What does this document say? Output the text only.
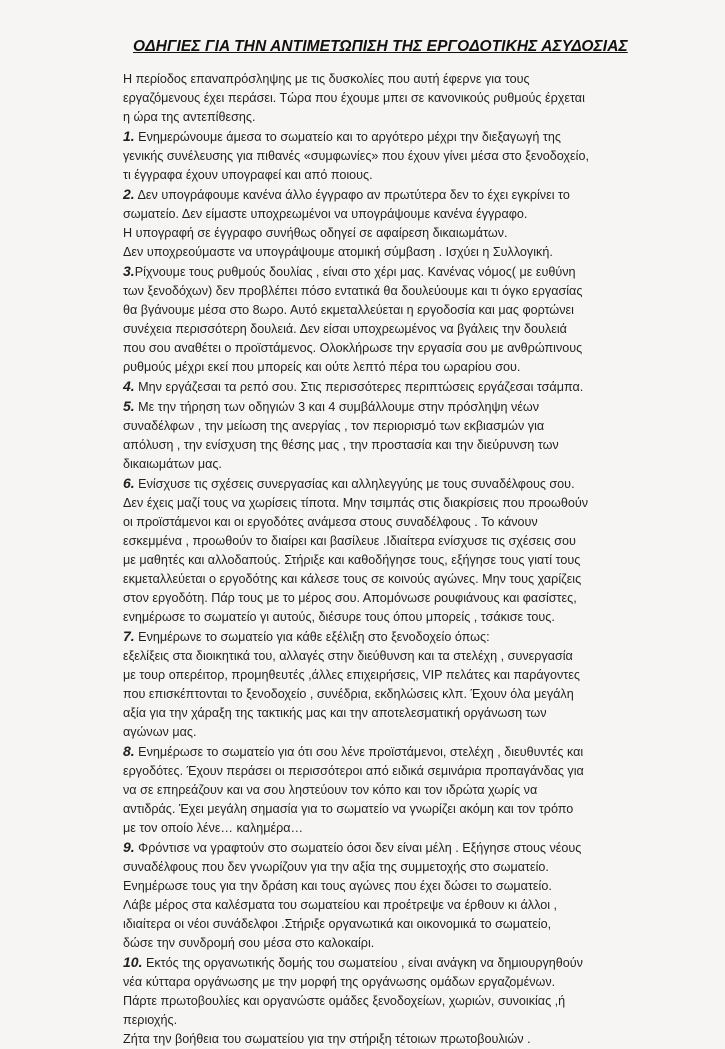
ΟΔΗΓΙΕΣ ΓΙΑ ΤΗΝ ΑΝΤΙΜΕΤΩΠΙΣΗ ΤΗΣ ΕΡΓΟΔΟΤΙΚΗΣ ΑΣΥΔΟΣΙΑΣ
Η περίοδος επαναπρόσληψης με τις δυσκολίες που αυτή έφερνε για τους
εργαζόμενους έχει περάσει. Τώρα που έχουμε μπει σε κανονικούς ρυθμούς έρχεται
η ώρα της αντεπίθεσης.
1. Ενημερώνουμε άμεσα το σωματείο και το αργότερο μέχρι την διεξαγωγή της
γενικής συνέλευσης για πιθανές «συμφωνίες» που έχουν γίνει μέσα στο ξενοδοχείο,
τι έγγραφα έχουν υπογραφεί και από ποιους.
2. Δεν υπογράφουμε κανένα άλλο έγγραφο αν πρωτύτερα δεν το έχει εγκρίνει το
σωματείο. Δεν είμαστε υποχρεωμένοι να υπογράψουμε κανένα έγγραφο.
Η υπογραφή σε έγγραφο συνήθως οδηγεί σε αφαίρεση δικαιωμάτων.
Δεν υποχρεούμαστε να υπογράψουμε ατομική σύμβαση . Ισχύει η Συλλογική.
3.Ρίχνουμε τους ρυθμούς δουλίας , είναι στο χέρι μας. Κανένας νόμος( με ευθύνη
των ξενοδόχων) δεν προβλέπει πόσο εντατικά θα δουλεύουμε και τι όγκο εργασίας
θα βγάνουμε μέσα στο 8ωρο. Αυτό εκμεταλλεύεται η εργοδοσία και μας φορτώνει
συνέχεια περισσότερη δουλειά. Δεν είσαι υποχρεωμένος να βγάλεις την δουλειά
που σου αναθέτει ο προϊστάμενος. Ολοκλήρωσε την εργασία σου με ανθρώπινους
ρυθμούς μέχρι εκεί που μπορείς και ούτε λεπτό πέρα του ωραρίου σου.
4. Μην εργάζεσαι τα ρεπό σου. Στις περισσότερες περιπτώσεις εργάζεσαι τσάμπα.
5. Με την τήρηση των οδηγιών 3 και 4 συμβάλλουμε στην πρόσληψη νέων
συναδέλφων , την μείωση της ανεργίας , τον περιορισμό των εκβιασμών για
απόλυση , την ενίσχυση της θέσης μας , την προστασία και την διεύρυνση των
δικαιωμάτων μας.
6. Ενίσχυσε τις σχέσεις συνεργασίας και αλληλεγγύης με τους συναδέλφους σου.
Δεν έχεις μαζί τους να χωρίσεις τίποτα. Μην τσιμπάς στις διακρίσεις που προωθούν
οι προϊστάμενοι και οι εργοδότες ανάμεσα στους συναδέλφους . Το κάνουν
εσκεμμένα , προωθούν το διαίρει και βασίλευε .Ιδιαίτερα ενίσχυσε τις σχέσεις σου
με μαθητές και αλλοδαπούς. Στήριξε και καθοδήγησε τους, εξήγησε τους γιατί τους
εκμεταλλεύεται ο εργοδότης και κάλεσε τους σε κοινούς αγώνες. Μην τους χαρίζεις
στον εργοδότη. Πάρ τους με το μέρος σου. Απομόνωσε ρουφιάνους και φασίστες,
ενημέρωσε το σωματείο γι αυτούς, διέσυρε τους όπου μπορείς , τσάκισε τους.
7. Ενημέρωνε το σωματείο για κάθε εξέλιξη στο ξενοδοχείο όπως:
εξελίξεις στα διοικητικά του, αλλαγές στην διεύθυνση και τα στελέχη , συνεργασία
με τουρ οπερέιτορ, προμηθευτές ,άλλες επιχειρήσεις, VIP πελάτες και παράγοντες
που επισκέπτονται το ξενοδοχείο , συνέδρια, εκδηλώσεις κλπ. Έχουν όλα μεγάλη
αξία για την χάραξη της τακτικής μας και την αποτελεσματική οργάνωση των
αγώνων μας.
8. Ενημέρωσε το σωματείο για ότι σου λένε προϊστάμενοι, στελέχη , διευθυντές και
εργοδότες. Έχουν περάσει οι περισσότεροι από ειδικά σεμινάρια προπαγάνδας για
να σε επηρεάζουν και να σου ληστεύουν τον κόπο και τον ιδρώτα χωρίς να
αντιδράς. Έχει μεγάλη σημασία για το σωματείο να γνωρίζει ακόμη και τον τρόπο
με τον οποίο λένε… καλημέρα…
9. Φρόντισε να γραφτούν στο σωματείο όσοι δεν είναι μέλη . Εξήγησε στους νέους
συναδέλφους που δεν γνωρίζουν για την αξία της συμμετοχής στο σωματείο.
Ενημέρωσε τους για την δράση και τους αγώνες που έχει δώσει το σωματείο.
Λάβε μέρος στα καλέσματα του σωματείου και προέτρεψε να έρθουν κι άλλοι ,
ιδιαίτερα οι νέοι συνάδελφοι .Στήριξε οργανωτικά και οικονομικά το σωματείο,
δώσε την συνδρομή σου μέσα στο καλοκαίρι.
10. Εκτός της οργανωτικής δομής του σωματείου , είναι ανάγκη να δημιουργηθούν
νέα κύτταρα οργάνωσης με την μορφή της οργάνωσης ομάδων εργαζομένων.
Πάρτε πρωτοβουλίες και οργανώστε ομάδες ξενοδοχείων, χωριών, συνοικίας ,ή
περιοχής.
Ζήτα την βοήθεια του σωματείου για την στήριξη τέτοιων πρωτοβουλιών .
